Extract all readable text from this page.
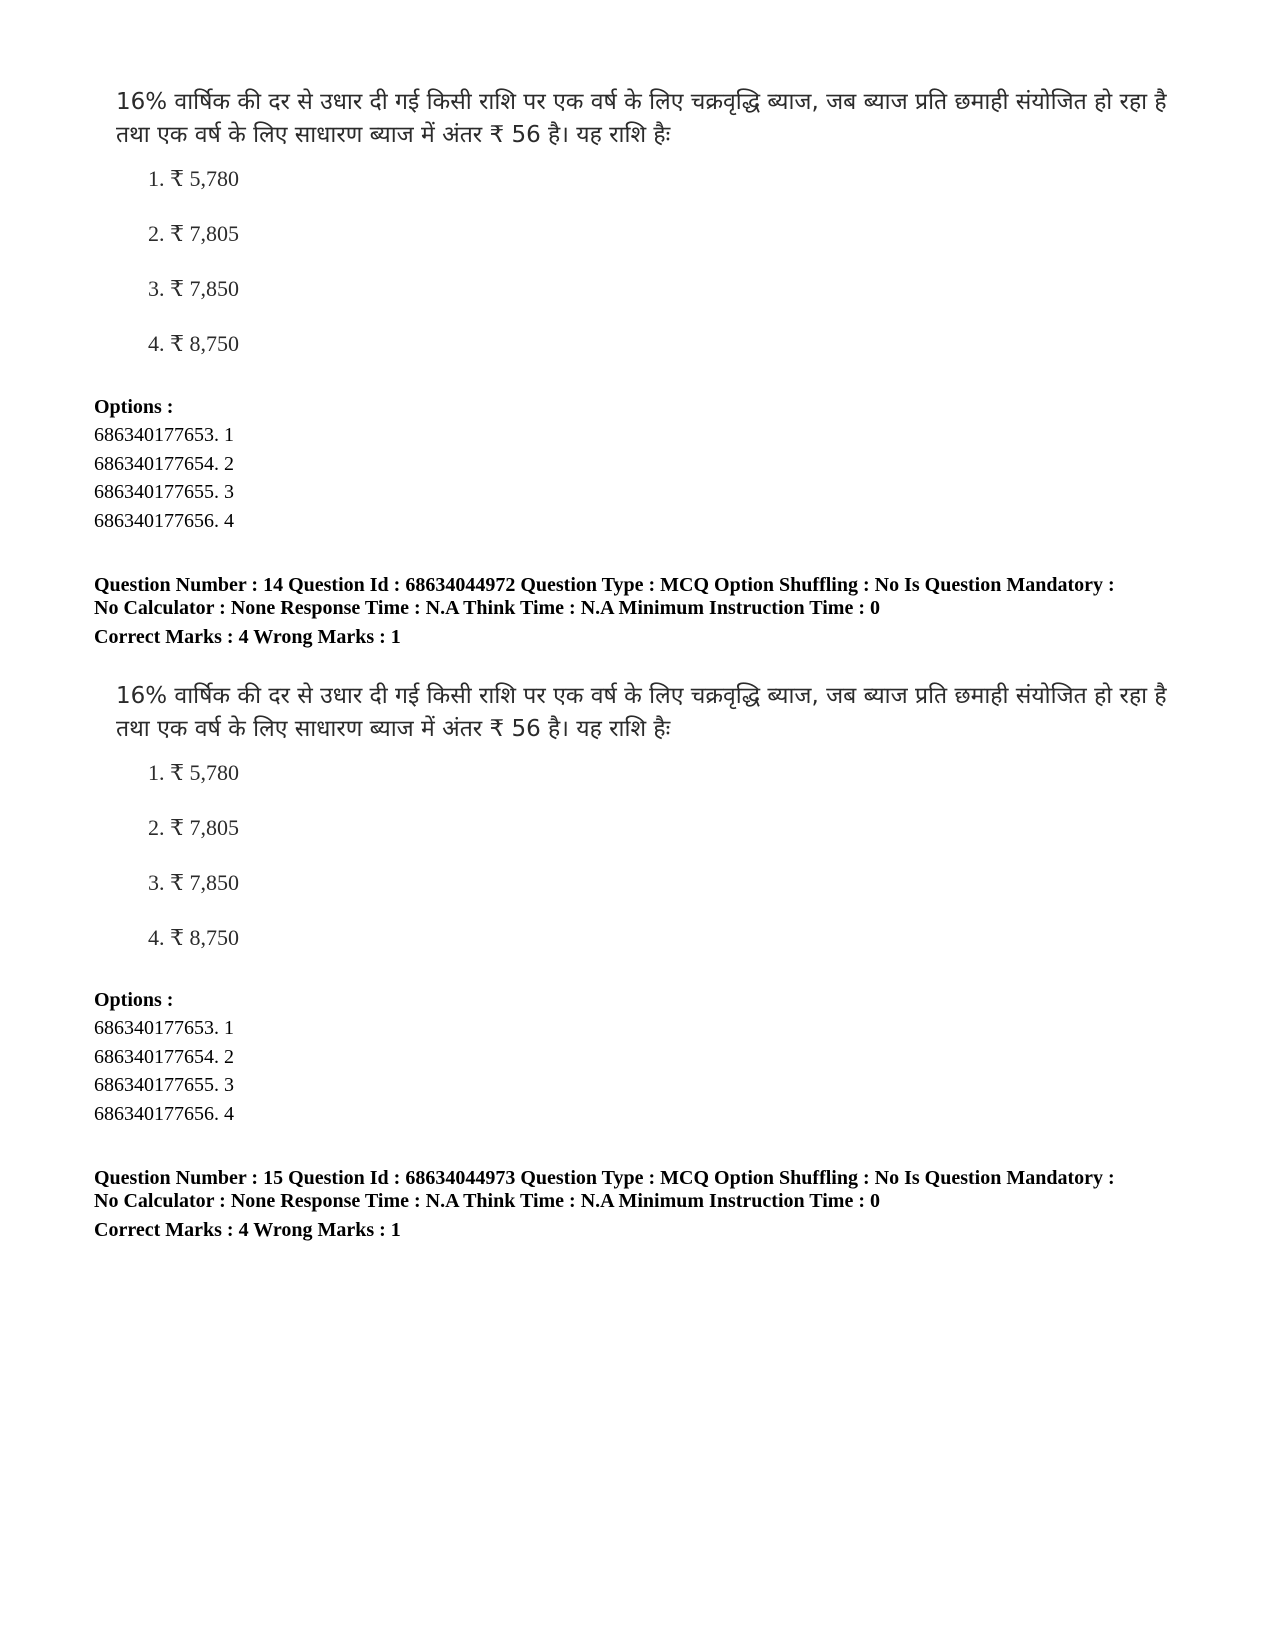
16% वार्षिक की दर से उधार दी गई किसी राशि पर एक वर्ष के लिए चक्रवृद्धि ब्याज, जब ब्याज प्रति छमाही संयोजित हो रहा है तथा एक वर्ष के लिए साधारण ब्याज में अंतर ₹ 56 है। यह राशि हैः

1. ₹ 5,780
2. ₹ 7,805
3. ₹ 7,850
4. ₹ 8,750
Options :
686340177653. 1
686340177654. 2
686340177655. 3
686340177656. 4
Question Number : 14 Question Id : 68634044972 Question Type : MCQ Option Shuffling : No Is Question Mandatory :
No Calculator : None Response Time : N.A Think Time : N.A Minimum Instruction Time : 0
Correct Marks : 4 Wrong Marks : 1

16% वार्षिक की दर से उधार दी गई किसी राशि पर एक वर्ष के लिए चक्रवृद्धि ब्याज, जब ब्याज प्रति छमाही संयोजित हो रहा है तथा एक वर्ष के लिए साधारण ब्याज में अंतर ₹ 56 है। यह राशि हैः

1. ₹ 5,780
2. ₹ 7,805
3. ₹ 7,850
4. ₹ 8,750
Options :
686340177653. 1
686340177654. 2
686340177655. 3
686340177656. 4
Question Number : 15 Question Id : 68634044973 Question Type : MCQ Option Shuffling : No Is Question Mandatory :
No Calculator : None Response Time : N.A Think Time : N.A Minimum Instruction Time : 0
Correct Marks : 4 Wrong Marks : 1
